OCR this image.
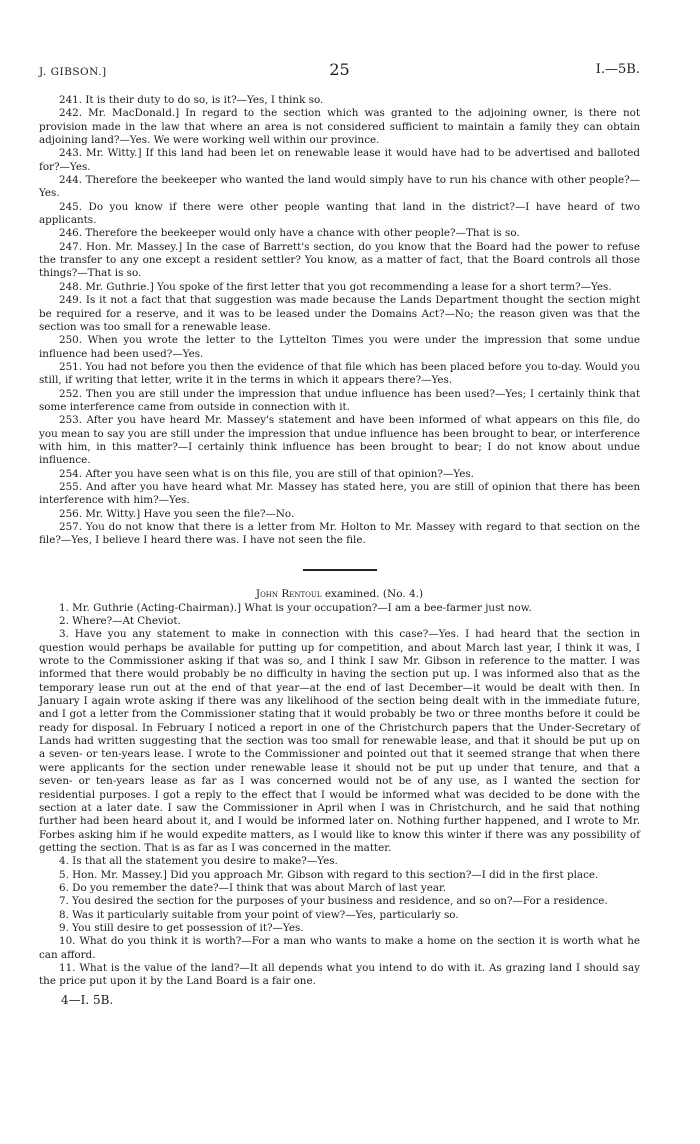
J. GIBSON.]	25	I.—5B.

241. It is their duty to do so, is it?—Yes, I think so.

242. Mr. MacDonald.] In regard to the section which was granted to the adjoining owner, is there not provision made in the law that where an area is not considered sufficient to maintain a family they can obtain adjoining land?—Yes. We were working well within our province.

243. Mr. Witty.] If this land had been let on renewable lease it would have had to be advertised and balloted for?—Yes.

244. Therefore the beekeeper who wanted the land would simply have to run his chance with other people?—Yes.

245. Do you know if there were other people wanting that land in the district?—I have heard of two applicants.

246. Therefore the beekeeper would only have a chance with other people?—That is so.

247. Hon. Mr. Massey.] In the case of Barrett's section, do you know that the Board had the power to refuse the transfer to any one except a resident settler? You know, as a matter of fact, that the Board controls all those things?—That is so.

248. Mr. Guthrie.] You spoke of the first letter that you got recommending a lease for a short term?—Yes.

249. Is it not a fact that that suggestion was made because the Lands Department thought the section might be required for a reserve, and it was to be leased under the Domains Act?—No; the reason given was that the section was too small for a renewable lease.

250. When you wrote the letter to the Lyttelton Times you were under the impression that some undue influence had been used?—Yes.

251. You had not before you then the evidence of that file which has been placed before you to-day. Would you still, if writing that letter, write it in the terms in which it appears there?—Yes.

252. Then you are still under the impression that undue influence has been used?—Yes; I certainly think that some interference came from outside in connection with it.

253. After you have heard Mr. Massey's statement and have been informed of what appears on this file, do you mean to say you are still under the impression that undue influence has been brought to bear, or interference with him, in this matter?—I certainly think influence has been brought to bear; I do not know about undue influence.

254. After you have seen what is on this file, you are still of that opinion?—Yes.

255. And after you have heard what Mr. Massey has stated here, you are still of opinion that there has been interference with him?—Yes.

256. Mr. Witty.] Have you seen the file?—No.

257. You do not know that there is a letter from Mr. Holton to Mr. Massey with regard to that section on the file?—Yes, I believe I heard there was. I have not seen the file.

John Rentoul examined. (No. 4.)

1. Mr. Guthrie (Acting-Chairman).] What is your occupation?—I am a bee-farmer just now.

2. Where?—At Cheviot.

3. Have you any statement to make in connection with this case?—Yes. I had heard that the section in question would perhaps be available for putting up for competition, and about March last year, I think it was, I wrote to the Commissioner asking if that was so, and I think I saw Mr. Gibson in reference to the matter. I was informed that there would probably be no difficulty in having the section put up. I was informed also that as the temporary lease run out at the end of that year—at the end of last December—it would be dealt with then. In January I again wrote asking if there was any likelihood of the section being dealt with in the immediate future, and I got a letter from the Commissioner stating that it would probably be two or three months before it could be ready for disposal. In February I noticed a report in one of the Christchurch papers that the Under-Secretary of Lands had written suggesting that the section was too small for renewable lease, and that it should be put up on a seven- or ten-years lease. I wrote to the Commissioner and pointed out that it seemed strange that when there were applicants for the section under renewable lease it should not be put up under that tenure, and that a seven- or ten-years lease as far as I was concerned would not be of any use, as I wanted the section for residential purposes. I got a reply to the effect that I would be informed what was decided to be done with the section at a later date. I saw the Commissioner in April when I was in Christchurch, and he said that nothing further had been heard about it, and I would be informed later on. Nothing further happened, and I wrote to Mr. Forbes asking him if he would expedite matters, as I would like to know this winter if there was any possibility of getting the section. That is as far as I was concerned in the matter.

4. Is that all the statement you desire to make?—Yes.

5. Hon. Mr. Massey.] Did you approach Mr. Gibson with regard to this section?—I did in the first place.

6. Do you remember the date?—I think that was about March of last year.

7. You desired the section for the purposes of your business and residence, and so on?—For a residence.

8. Was it particularly suitable from your point of view?—Yes, particularly so.

9. You still desire to get possession of it?—Yes.

10. What do you think it is worth?—For a man who wants to make a home on the section it is worth what he can afford.

11. What is the value of the land?—It all depends what you intend to do with it. As grazing land I should say the price put upon it by the Land Board is a fair one.

4—I. 5B.
